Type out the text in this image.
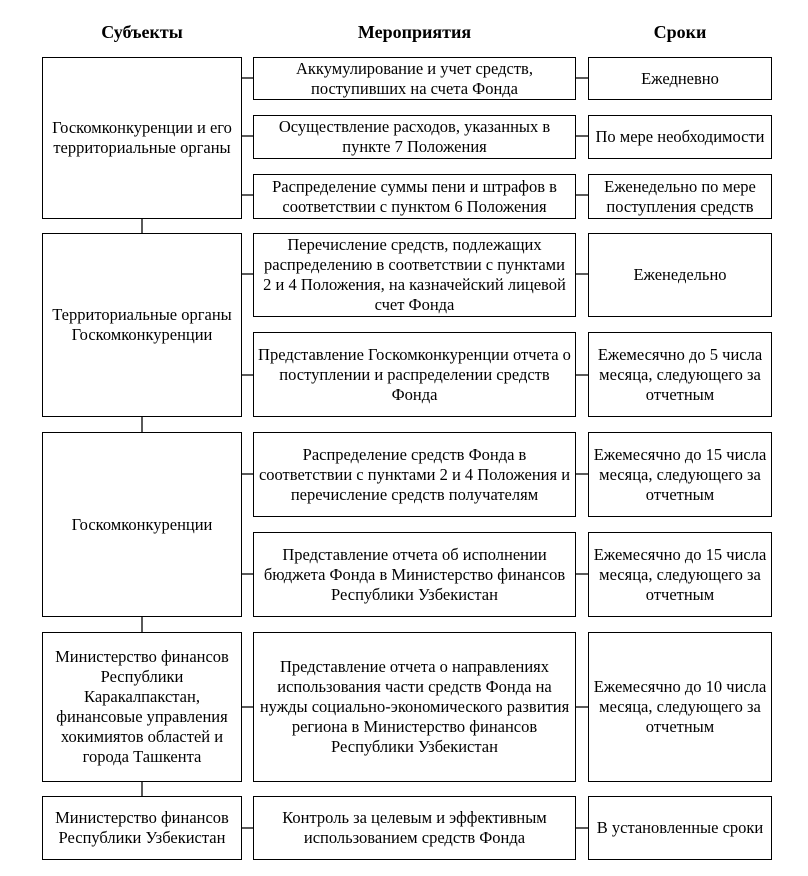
Субъекты	Мероприятия	Сроки
Госкомконкуренции и его территориальные органы
Территориальные органы Госкомконкуренции
Госкомконкуренции
Министерство финансов Республики Каракалпакстан, финансовые управления хокимиятов областей и города Ташкента
Министерство финансов Республики Узбекистан
Аккумулирование и учет средств, поступивших на счета Фонда
Осуществление расходов, указанных в пункте 7 Положения
Распределение суммы пени и штрафов в соответствии с пунктом 6 Положения
Перечисление средств, подлежащих распределению в соответствии с пунктами 2 и 4 Положения, на казначейский лицевой счет Фонда
Представление Госкомконкуренции отчета о поступлении и распределении средств Фонда
Распределение средств Фонда в соответствии с пунктами 2 и 4 Положения и перечисление средств получателям
Представление отчета об исполнении бюджета Фонда в Министерство финансов Республики Узбекистан
Представление отчета о направлениях использования части средств Фонда на нужды социально-экономического развития региона в Министерство финансов Республики Узбекистан
Контроль за целевым и эффективным использованием средств Фонда
Ежедневно
По мере необходимости
Еженедельно по мере поступления средств
Еженедельно
Ежемесячно до 5 числа месяца, следующего за отчетным
Ежемесячно до 15 числа месяца, следующего за отчетным
Ежемесячно до 15 числа месяца, следующего за отчетным
Ежемесячно до 10 числа месяца, следующего за отчетным
В установленные сроки
